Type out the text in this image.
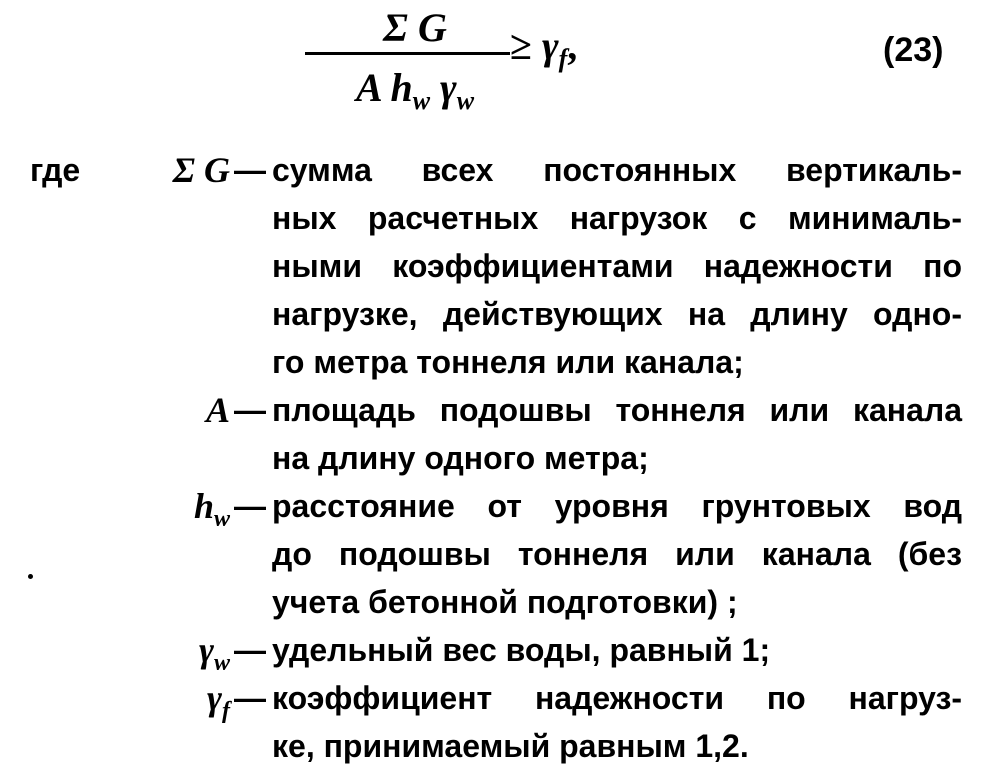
Σ G
A $h_w$ $\gamma_w$
≥ $\gamma_f$,	(23)
где	Σ G — сумма всех постоянных вертикаль-
ных расчетных нагрузок с минималь-
ными коэффициентами надежности по
нагрузке, действующих на длину одно-
го метра тоннеля или канала;
A — площадь подошвы тоннеля или канала
на длину одного метра;
$h_w$ — расстояние от уровня грунтовых вод
до подошвы тоннеля или канала (без
учета бетонной подготовки) ;
$\gamma_w$ — удельный вес воды, равный 1;
$\gamma_f$ — коэффициент надежности по нагруз-
ке, принимаемый равным 1,2.
